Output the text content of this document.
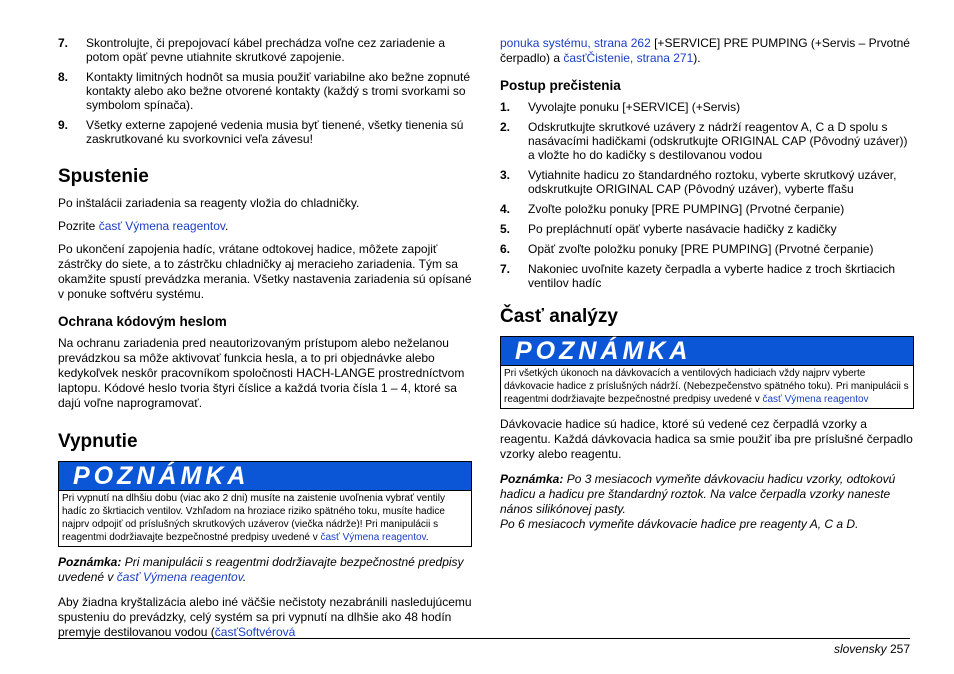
7.	Skontrolujte, či prepojovací kábel prechádza voľne cez zariadenie a potom opäť pevne utiahnite skrutkové zapojenie.
8.	Kontakty limitných hodnôt sa musia použiť variabilne ako bežne zopnuté kontakty alebo ako bežne otvorené kontakty (každý s tromi svorkami so symbolom spínača).
9.	Všetky externe zapojené vedenia musia byť tienené, všetky tienenia sú zaskrutkované ku svorkovnici veľa závesu!
Spustenie

Po inštalácii zariadenia sa reagenty vložia do chladničky.

Pozrite časť Výmena reagentov.

Po ukončení zapojenia hadíc, vrátane odtokovej hadice, môžete zapojiť zástrčky do siete, a to zástrčku chladničky aj meracieho zariadenia. Tým sa okamžite spustí prevádzka merania. Všetky nastavenia zariadenia sú opísané v ponuke softvéru systému.

Ochrana kódovým heslom

Na ochranu zariadenia pred neautorizovaným prístupom alebo neželanou prevádzkou sa môže aktivovať funkcia hesla, a to pri objednávke alebo kedykoľvek neskôr pracovníkom spoločnosti HACH-LANGE prostredníctvom laptopu. Kódové heslo tvoria štyri číslice a každá tvoria čísla 1 – 4, ktoré sa dajú voľne naprogramovať.

Vypnutie
POZNÁMKA
Pri vypnutí na dlhšiu dobu (viac ako 2 dni) musíte na zaistenie uvoľnenia vybrať ventily hadíc zo škrtiacich ventilov. Vzhľadom na hroziace riziko spätného toku, musíte hadice najprv odpojiť od príslušných skrutkových uzáverov (viečka nádrže)! Pri manipulácii s reagentmi dodržiavajte bezpečnostné predpisy uvedené v časť Výmena reagentov.

Poznámka: Pri manipulácii s reagentmi dodržiavajte bezpečnostné predpisy uvedené v časť Výmena reagentov.

Aby žiadna kryštalizácia alebo iné väčšie nečistoty nezabránili nasledujúcemu spusteniu do prevádzky, celý systém sa pri vypnutí na dlhšie ako 48 hodín premyje destilovanou vodou (časťSoftvérová

ponuka systému, strana 262 [+SERVICE] PRE PUMPING (+Servis – Prvotné čerpadlo) a časťČistenie, strana 271).

Postup prečistenia
1.	Vyvolajte ponuku [+SERVICE] (+Servis)
2.	Odskrutkujte skrutkové uzávery z nádrží reagentov A, C a D spolu s nasávacími hadičkami (odskrutkujte ORIGINAL CAP (Pôvodný uzáver)) a vložte ho do kadičky s destilovanou vodou
3.	Vytiahnite hadicu zo štandardného roztoku, vyberte skrutkový uzáver, odskrutkujte ORIGINAL CAP (Pôvodný uzáver), vyberte fľašu
4.	Zvoľte položku ponuky [PRE PUMPING] (Prvotné čerpanie)
5.	Po prepláchnutí opäť vyberte nasávacie hadičky z kadičky
6.	Opäť zvoľte položku ponuky [PRE PUMPING] (Prvotné čerpanie)
7.	Nakoniec uvoľnite kazety čerpadla a vyberte hadice z troch škrtiacich ventilov hadíc
Časť analýzy
POZNÁMKA
Pri všetkých úkonoch na dávkovacích a ventilových hadiciach vždy najprv vyberte dávkovacie hadice z príslušných nádrží. (Nebezpečenstvo spätného toku). Pri manipulácii s reagentmi dodržiavajte bezpečnostné predpisy uvedené v časť Výmena reagentov

Dávkovacie hadice sú hadice, ktoré sú vedené cez čerpadlá vzorky a reagentu. Každá dávkovacia hadica sa smie použiť iba pre príslušné čerpadlo vzorky alebo reagentu.

Poznámka: Po 3 mesiacoch vymeňte dávkovaciu hadicu vzorky, odtokovú hadicu a hadicu pre štandardný roztok. Na valce čerpadla vzorky naneste nános silikónovej pasty.

Po 6 mesiacoch vymeňte dávkovacie hadice pre reagenty A, C a D.

slovensky 257
